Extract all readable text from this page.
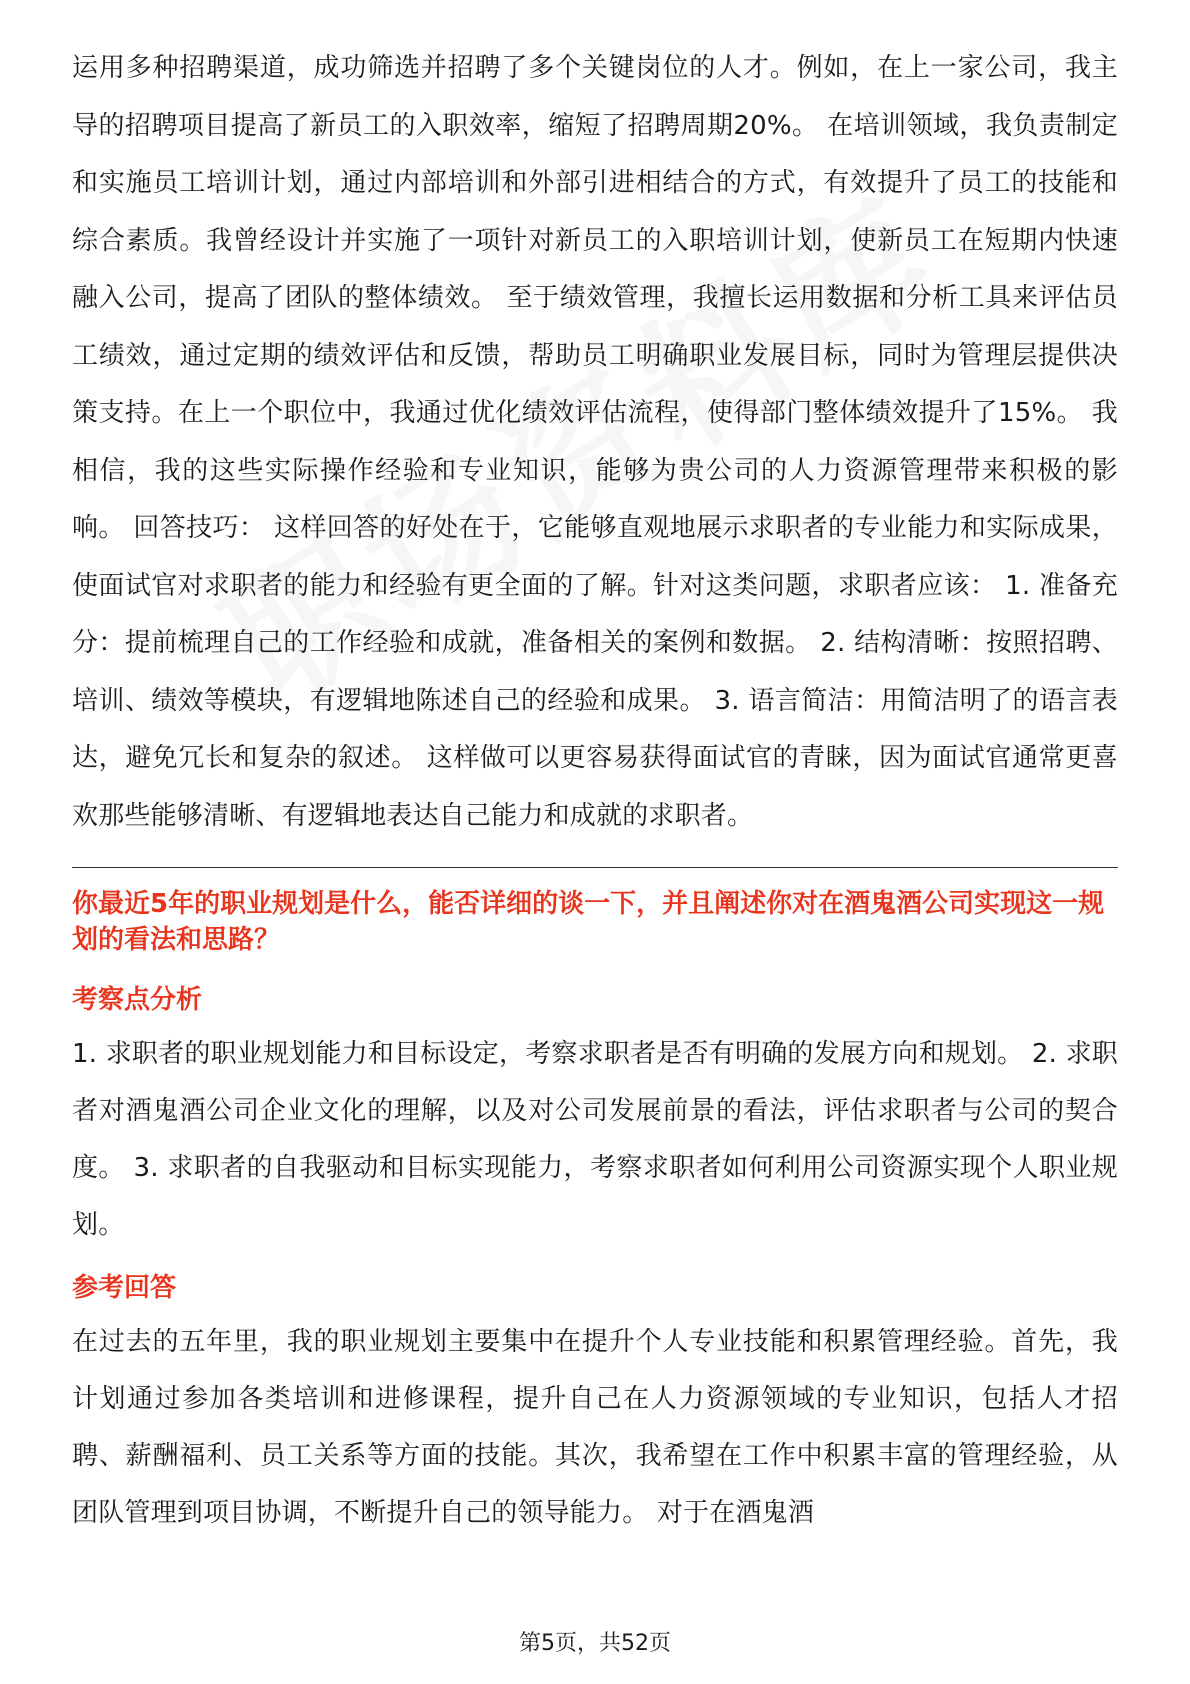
运用多种招聘渠道，成功筛选并招聘了多个关键岗位的人才。例如，在上一家公司，我主导的招聘项目提高了新员工的入职效率，缩短了招聘周期20%。 在培训领域，我负责制定和实施员工培训计划，通过内部培训和外部引进相结合的方式，有效提升了员工的技能和综合素质。我曾经设计并实施了一项针对新员工的入职培训计划，使新员工在短期内快速融入公司，提高了团队的整体绩效。 至于绩效管理，我擅长运用数据和分析工具来评估员工绩效，通过定期的绩效评估和反馈，帮助员工明确职业发展目标，同时为管理层提供决策支持。在上一个职位中，我通过优化绩效评估流程，使得部门整体绩效提升了15%。 我相信，我的这些实际操作经验和专业知识，能够为贵公司的人力资源管理带来积极的影响。 回答技巧： 这样回答的好处在于，它能够直观地展示求职者的专业能力和实际成果，使面试官对求职者的能力和经验有更全面的了解。针对这类问题，求职者应该： 1. 准备充分：提前梳理自己的工作经验和成就，准备相关的案例和数据。 2. 结构清晰：按照招聘、培训、绩效等模块，有逻辑地陈述自己的经验和成果。 3. 语言简洁：用简洁明了的语言表达，避免冗长和复杂的叙述。 这样做可以更容易获得面试官的青睐，因为面试官通常更喜欢那些能够清晰、有逻辑地表达自己能力和成就的求职者。

你最近5年的职业规划是什么，能否详细的谈一下，并且阐述你对在酒鬼酒公司实现这一规划的看法和思路？

考察点分析

1. 求职者的职业规划能力和目标设定，考察求职者是否有明确的发展方向和规划。 2. 求职者对酒鬼酒公司企业文化的理解，以及对公司发展前景的看法，评估求职者与公司的契合度。 3. 求职者的自我驱动和目标实现能力，考察求职者如何利用公司资源实现个人职业规划。

参考回答

在过去的五年里，我的职业规划主要集中在提升个人专业技能和积累管理经验。首先，我计划通过参加各类培训和进修课程，提升自己在人力资源领域的专业知识，包括人才招聘、薪酬福利、员工关系等方面的技能。其次，我希望在工作中积累丰富的管理经验，从团队管理到项目协调，不断提升自己的领导能力。 对于在酒鬼酒

第5页，共52页
